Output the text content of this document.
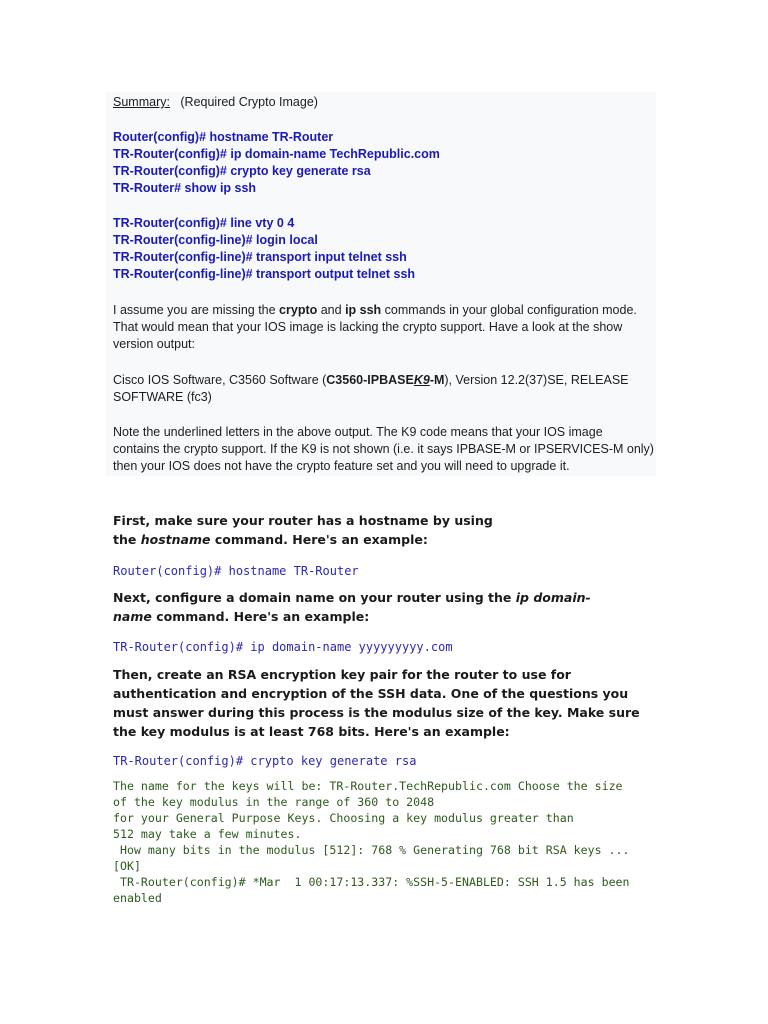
Summary: (Required Crypto Image)

Router(config)# hostname TR-Router

TR-Router(config)# ip domain-name TechRepublic.com

TR-Router(config)# crypto key generate rsa

TR-Router# show ip ssh

TR-Router(config)# line vty 0 4

TR-Router(config-line)# login local

TR-Router(config-line)# transport input telnet ssh

TR-Router(config-line)# transport output telnet ssh

I assume you are missing the crypto and ip ssh commands in your global configuration mode.

That would mean that your IOS image is lacking the crypto support. Have a look at the show

version output:

Cisco IOS Software, C3560 Software (C3560-IPBASEK9-M), Version 12.2(37)SE, RELEASE

SOFTWARE (fc3)

Note the underlined letters in the above output. The K9 code means that your IOS image

contains the crypto support. If the K9 is not shown (i.e. it says IPBASE-M or IPSERVICES-M only)

then your IOS does not have the crypto feature set and you will need to upgrade it.

First, make sure your router has a hostname by using

the hostname command. Here's an example:

Router(config)# hostname TR-Router

Next, configure a domain name on your router using the ip domain-

name command. Here's an example:

TR-Router(config)# ip domain-name yyyyyyyyy.com

Then, create an RSA encryption key pair for the router to use for

authentication and encryption of the SSH data. One of the questions you

must answer during this process is the modulus size of the key. Make sure

the key modulus is at least 768 bits. Here's an example:

TR-Router(config)# crypto key generate rsa

The name for the keys will be: TR-Router.TechRepublic.com Choose the size

of the key modulus in the range of 360 to 2048

for your General Purpose Keys. Choosing a key modulus greater than

512 may take a few minutes.

How many bits in the modulus [512]: 768 % Generating 768 bit RSA keys ...

[OK]

TR-Router(config)# *Mar  1 00:17:13.337: %SSH-5-ENABLED: SSH 1.5 has been

enabled
